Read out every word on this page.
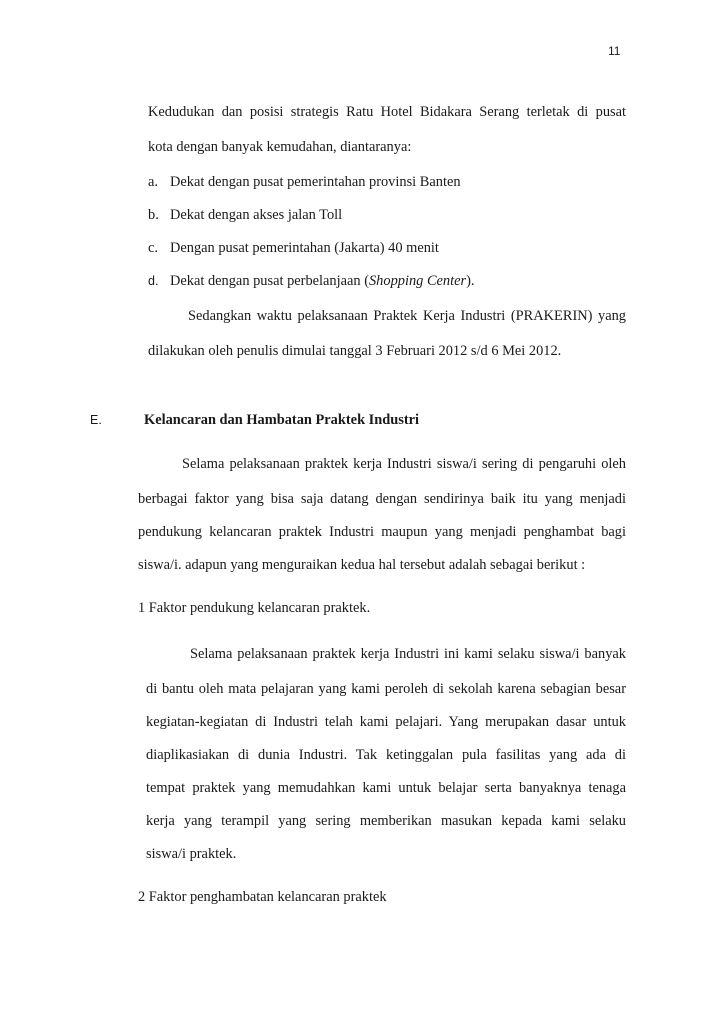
11
Kedudukan dan posisi strategis Ratu Hotel Bidakara Serang terletak di pusat
kota dengan banyak kemudahan, diantaranya:
a. Dekat dengan pusat pemerintahan provinsi Banten
b. Dekat dengan akses jalan Toll
c. Dengan pusat pemerintahan (Jakarta) 40 menit
d. Dekat dengan pusat perbelanjaan (Shopping Center).
Sedangkan waktu pelaksanaan Praktek Kerja Industri (PRAKERIN) yang
dilakukan oleh penulis dimulai tanggal 3 Februari 2012 s/d 6 Mei 2012.
E.	Kelancaran dan Hambatan Praktek Industri
Selama pelaksanaan praktek kerja Industri siswa/i sering di pengaruhi oleh
berbagai faktor yang bisa saja datang dengan sendirinya baik itu yang menjadi
pendukung kelancaran praktek Industri maupun yang menjadi penghambat bagi
siswa/i. adapun yang menguraikan kedua hal tersebut adalah sebagai berikut :
1 Faktor pendukung kelancaran praktek.
Selama pelaksanaan praktek kerja Industri ini kami selaku siswa/i banyak
di bantu oleh mata pelajaran yang kami peroleh di sekolah karena sebagian besar
kegiatan-kegiatan di Industri telah kami pelajari. Yang merupakan dasar untuk
diaplikasiakan di dunia Industri. Tak ketinggalan pula fasilitas yang ada di
tempat praktek yang memudahkan kami untuk belajar serta banyaknya tenaga
kerja yang terampil yang sering memberikan masukan kepada kami selaku
siswa/i praktek.
2 Faktor penghambatan kelancaran praktek
